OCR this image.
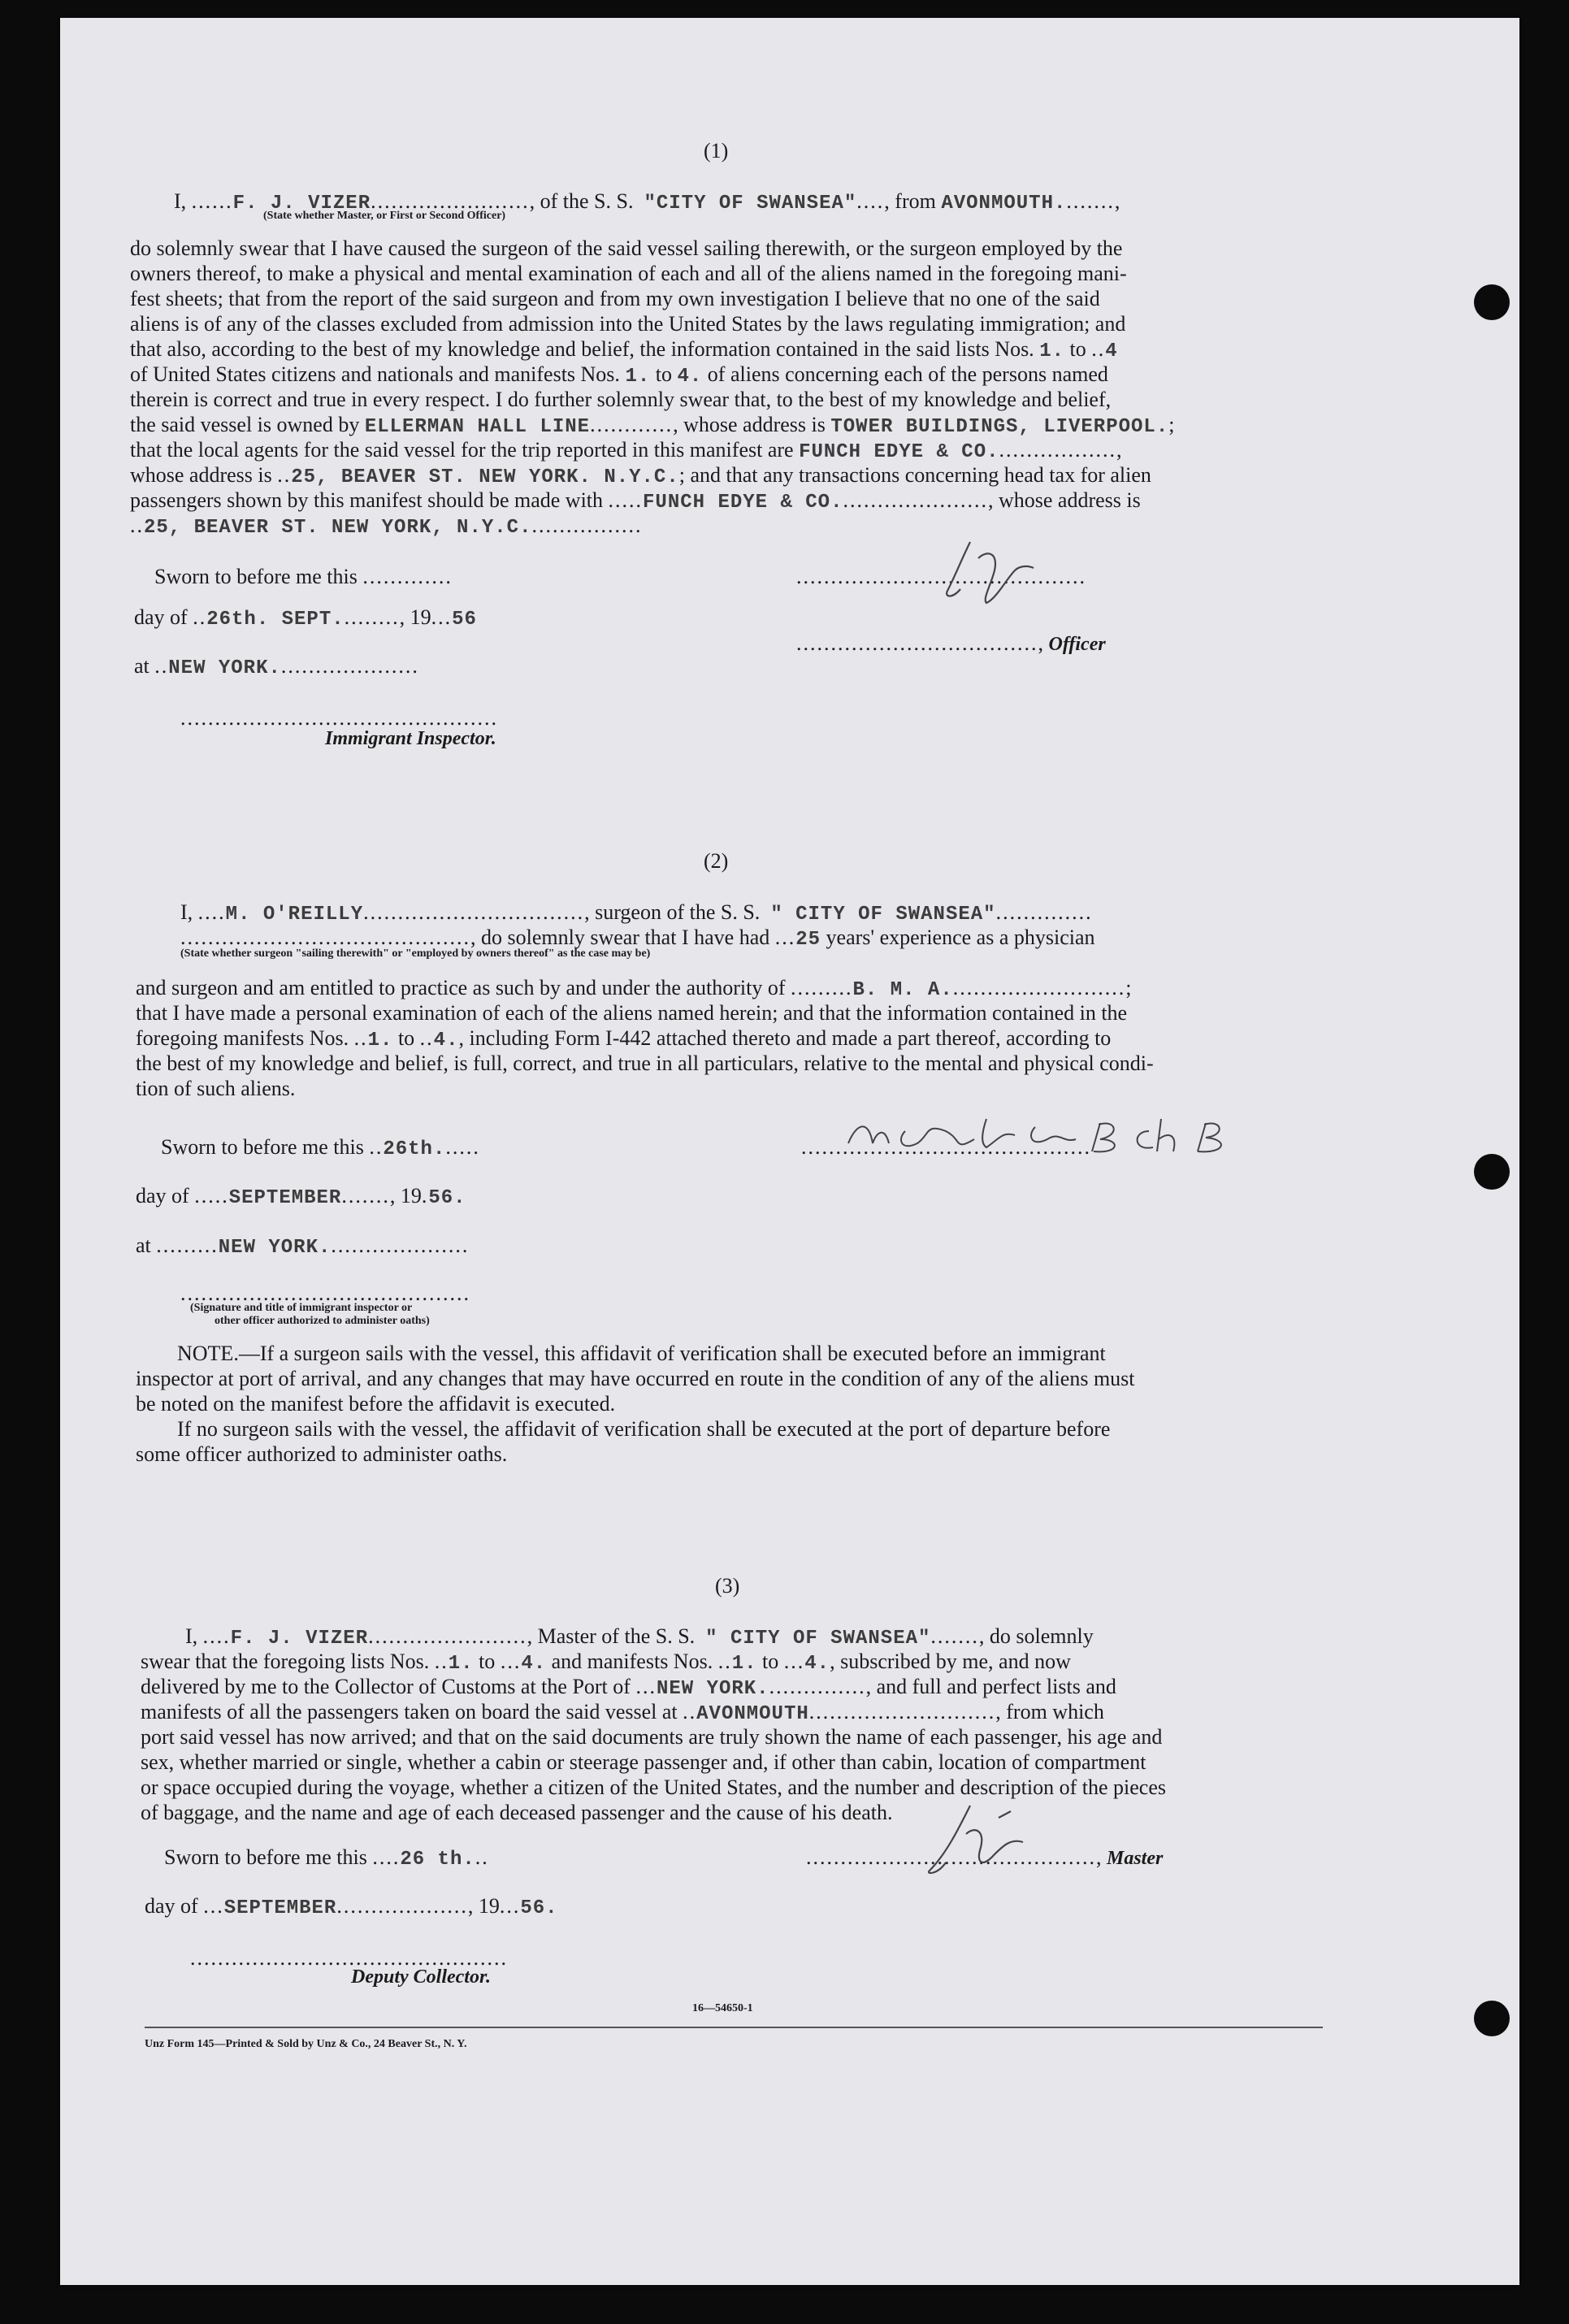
(1)
I, ......F. J. VIZER......................., of the S. S.  "CITY OF SWANSEA"...., from AVONMOUTH........,
(State whether Master, or First or Second Officer)
do solemnly swear that I have caused the surgeon of the said vessel sailing therewith, or the surgeon employed by the
owners thereof, to make a physical and mental examination of each and all of the aliens named in the foregoing mani-
fest sheets; that from the report of the said surgeon and from my own investigation I believe that no one of the said
aliens is of any of the classes excluded from admission into the United States by the laws regulating immigration; and
that also, according to the best of my knowledge and belief, the information contained in the said lists Nos. 1. to ..4
of United States citizens and nationals and manifests Nos. 1. to 4. of aliens concerning each of the persons named
therein is correct and true in every respect. I do further solemnly swear that, to the best of my knowledge and belief,
the said vessel is owned by ELLERMAN HALL LINE............, whose address is TOWER BUILDINGS, LIVERPOOL.;
that the local agents for the said vessel for the trip reported in this manifest are FUNCH EDYE & CO..................,
whose address is ..25, BEAVER ST. NEW YORK. N.Y.C.; and that any transactions concerning head tax for alien
passengers shown by this manifest should be made with .....FUNCH EDYE & CO......................, whose address is
..25, BEAVER ST. NEW YORK, N.Y.C.................
Sworn to before me this .............	..........................................
day of ..26th. SEPT........., 19...56
..................................., Officer
at ..NEW YORK.....................
..............................................
Immigrant Inspector.
(2)
I, ....M. O'REILLY................................, surgeon of the S. S.  " CITY OF SWANSEA"..............
.........................................., do solemnly swear that I have had ...25 years' experience as a physician
(State whether surgeon "sailing therewith" or "employed by owners thereof" as the case may be)
and surgeon and am entitled to practice as such by and under the authority of .........B. M. A..........................;
that I have made a personal examination of each of the aliens named herein; and that the information contained in the
foregoing manifests Nos. ..1. to ..4., including Form I-442 attached thereto and made a part thereof, according to
the best of my knowledge and belief, is full, correct, and true in all particulars, relative to the mental and physical condi-
tion of such aliens.
Sworn to before me this ..26th......	..........................................
day of .....SEPTEMBER......., 19.56.
at .........NEW YORK.....................
..........................................
(Signature and title of immigrant inspector or
other officer authorized to administer oaths)
NOTE.—If a surgeon sails with the vessel, this affidavit of verification shall be executed before an immigrant
inspector at port of arrival, and any changes that may have occurred en route in the condition of any of the aliens must
be noted on the manifest before the affidavit is executed.
If no surgeon sails with the vessel, the affidavit of verification shall be executed at the port of departure before
some officer authorized to administer oaths.
(3)
I, ....F. J. VIZER......................., Master of the S. S.  " CITY OF SWANSEA"......., do solemnly
swear that the foregoing lists Nos. ..1. to ...4. and manifests Nos. ..1. to ...4., subscribed by me, and now
delivered by me to the Collector of Customs at the Port of ...NEW YORK..............., and full and perfect lists and
manifests of all the passengers taken on board the said vessel at ..AVONMOUTH..........................., from which
port said vessel has now arrived; and that on the said documents are truly shown the name of each passenger, his age and
sex, whether married or single, whether a cabin or steerage passenger and, if other than cabin, location of compartment
or space occupied during the voyage, whether a citizen of the United States, and the number and description of the pieces
of baggage, and the name and age of each deceased passenger and the cause of his death.
Sworn to before me this ....26 th...	.........................................., Master
day of ...SEPTEMBER..................., 19...56.
..............................................
Deputy Collector.
16—54650-1
Unz Form 145—Printed & Sold by Unz & Co., 24 Beaver St., N. Y.
